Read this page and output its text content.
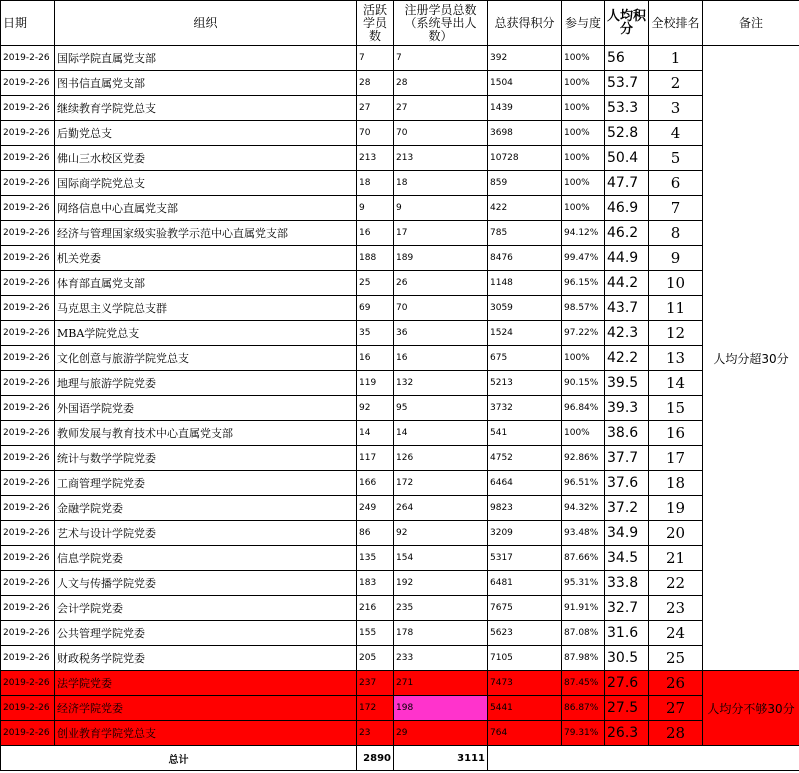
日期	组织	活跃学员数	注册学员总数（系统导出人数）	总获得积分	参与度	人均积分	全校排名	备注
2019-2-26	国际学院直属党支部	7	7	392	100%	56	1	人均分超30分
2019-2-26	图书信直属党支部	28	28	1504	100%	53.7	2	
2019-2-26	继续教育学院党总支	27	27	1439	100%	53.3	3	
2019-2-26	后勤党总支	70	70	3698	100%	52.8	4	
2019-2-26	佛山三水校区党委	213	213	10728	100%	50.4	5	
2019-2-26	国际商学院党总支	18	18	859	100%	47.7	6	
2019-2-26	网络信息中心直属党支部	9	9	422	100%	46.9	7	
2019-2-26	经济与管理国家级实验教学示范中心直属党支部	16	17	785	94.12%	46.2	8	
2019-2-26	机关党委	188	189	8476	99.47%	44.9	9	
2019-2-26	体育部直属党支部	25	26	1148	96.15%	44.2	10	
2019-2-26	马克思主义学院总支群	69	70	3059	98.57%	43.7	11	
2019-2-26	MBA学院党总支	35	36	1524	97.22%	42.3	12	
2019-2-26	文化创意与旅游学院党总支	16	16	675	100%	42.2	13	
2019-2-26	地理与旅游学院党委	119	132	5213	90.15%	39.5	14	
2019-2-26	外国语学院党委	92	95	3732	96.84%	39.3	15	
2019-2-26	教师发展与教育技术中心直属党支部	14	14	541	100%	38.6	16	
2019-2-26	统计与数学学院党委	117	126	4752	92.86%	37.7	17	
2019-2-26	工商管理学院党委	166	172	6464	96.51%	37.6	18	
2019-2-26	金融学院党委	249	264	9823	94.32%	37.2	19	
2019-2-26	艺术与设计学院党委	86	92	3209	93.48%	34.9	20	
2019-2-26	信息学院党委	135	154	5317	87.66%	34.5	21	
2019-2-26	人文与传播学院党委	183	192	6481	95.31%	33.8	22	
2019-2-26	会计学院党委	216	235	7675	91.91%	32.7	23	
2019-2-26	公共管理学院党委	155	178	5623	87.08%	31.6	24	
2019-2-26	财政税务学院党委	205	233	7105	87.98%	30.5	25	
2019-2-26	法学院党委	237	271	7473	87.45%	27.6	26	人均分不够30分
2019-2-26	经济学院党委	172	198	5441	86.87%	27.5	27	
2019-2-26	创业教育学院党总支	23	29	764	79.31%	26.3	28	
总计		2890	3111					
